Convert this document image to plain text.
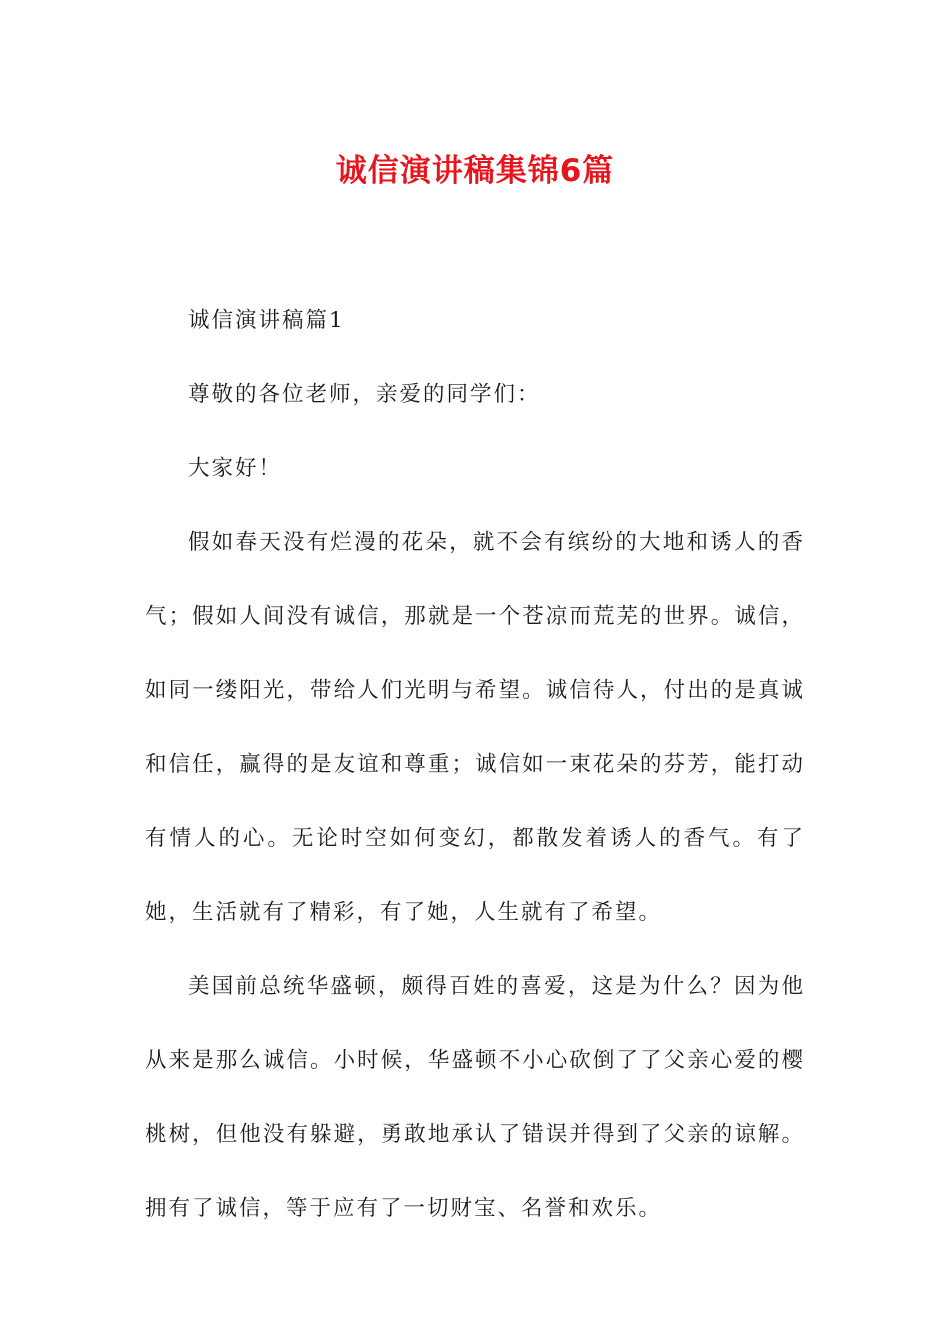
诚信演讲稿集锦6篇

诚信演讲稿篇1

尊敬的各位老师，亲爱的同学们：

大家好！

假如春天没有烂漫的花朵，就不会有缤纷的大地和诱人的香气；假如人间没有诚信，那就是一个苍凉而荒芜的世界。诚信，如同一缕阳光，带给人们光明与希望。诚信待人，付出的是真诚和信任，赢得的是友谊和尊重；诚信如一束花朵的芬芳，能打动有情人的心。无论时空如何变幻，都散发着诱人的香气。有了她，生活就有了精彩，有了她，人生就有了希望。

美国前总统华盛顿，颇得百姓的喜爱，这是为什么？因为他从来是那么诚信。小时候，华盛顿不小心砍倒了了父亲心爱的樱桃树，但他没有躲避，勇敢地承认了错误并得到了父亲的谅解。拥有了诚信，等于应有了一切财宝、名誉和欢乐。
